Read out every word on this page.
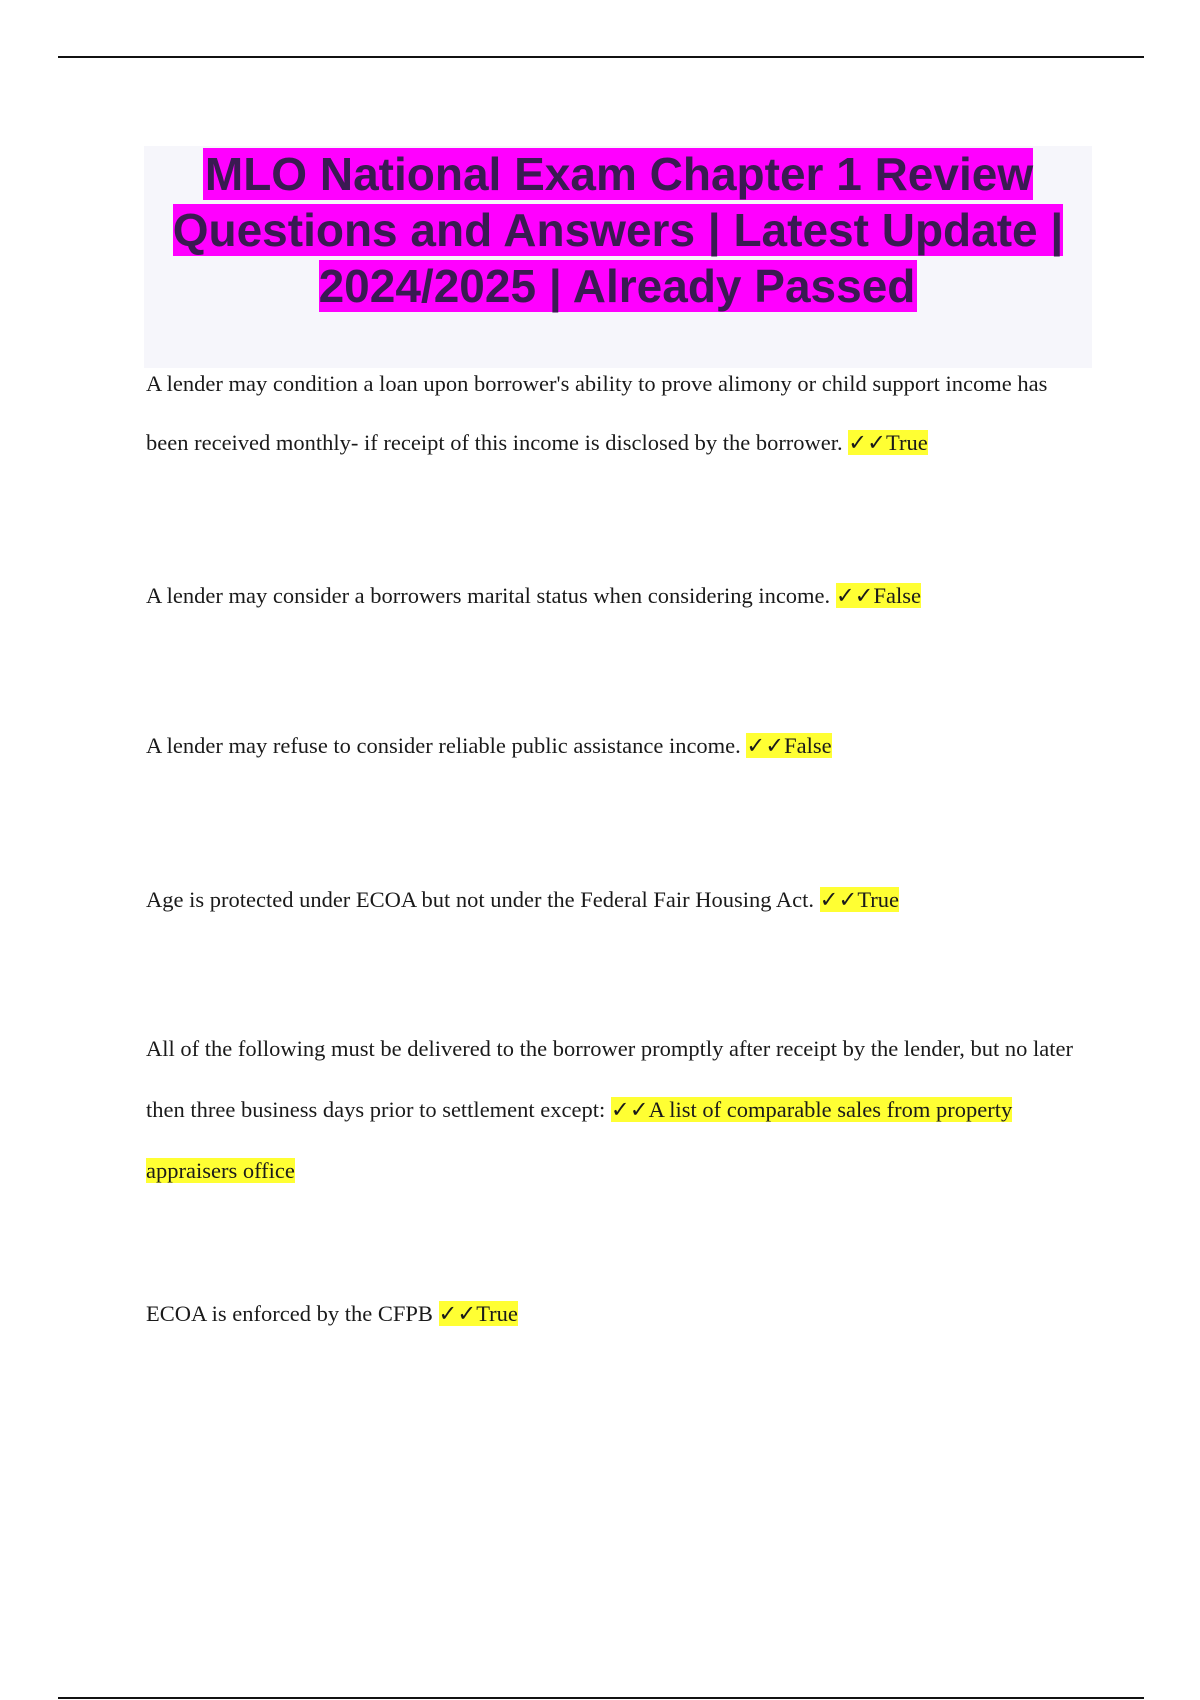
MLO National Exam Chapter 1 Review Questions and Answers | Latest Update | 2024/2025 | Already Passed

A lender may condition a loan upon borrower's ability to prove alimony or child support income has been received monthly- if receipt of this income is disclosed by the borrower. ✓✓True

A lender may consider a borrowers marital status when considering income. ✓✓False

A lender may refuse to consider reliable public assistance income. ✓✓False

Age is protected under ECOA but not under the Federal Fair Housing Act. ✓✓True

All of the following must be delivered to the borrower promptly after receipt by the lender, but no later then three business days prior to settlement except: ✓✓A list of comparable sales from property appraisers office

ECOA is enforced by the CFPB ✓✓True
